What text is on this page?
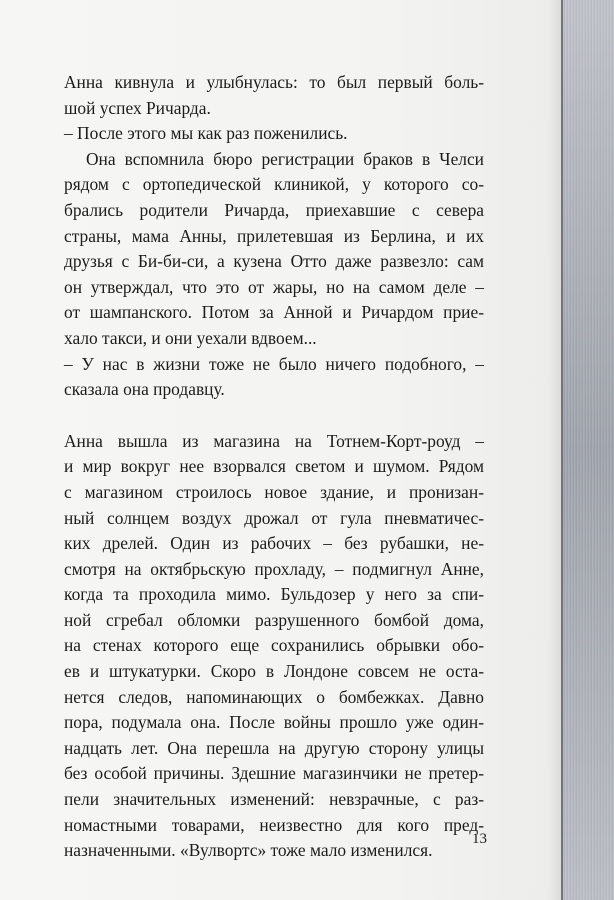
Анна кивнула и улыбнулась: то был первый боль-
шой успех Ричарда.
– После этого мы как раз поженились.
Она вспомнила бюро регистрации браков в Челси
рядом с ортопедической клиникой, у которого со-
брались родители Ричарда, приехавшие с севера
страны, мама Анны, прилетевшая из Берлина, и их
друзья с Би-би-си, а кузена Отто даже развезло: сам
он утверждал, что это от жары, но на самом деле –
от шампанского. Потом за Анной и Ричардом прие-
хало такси, и они уехали вдвоем...
– У нас в жизни тоже не было ничего подобного, –
сказала она продавцу.
Анна вышла из магазина на Тотнем-Корт-роуд –
и мир вокруг нее взорвался светом и шумом. Рядом
с магазином строилось новое здание, и пронизан-
ный солнцем воздух дрожал от гула пневматичес-
ких дрелей. Один из рабочих – без рубашки, не-
смотря на октябрьскую прохладу, – подмигнул Анне,
когда та проходила мимо. Бульдозер у него за спи-
ной сгребал обломки разрушенного бомбой дома,
на стенах которого еще сохранились обрывки обо-
ев и штукатурки. Скоро в Лондоне совсем не оста-
нется следов, напоминающих о бомбежках. Давно
пора, подумала она. После войны прошло уже один-
надцать лет. Она перешла на другую сторону улицы
без особой причины. Здешние магазинчики не претер-
пели значительных изменений: невзрачные, с раз-
номастными товарами, неизвестно для кого пред-
назначенными. «Вулвортс» тоже мало изменился.
13
